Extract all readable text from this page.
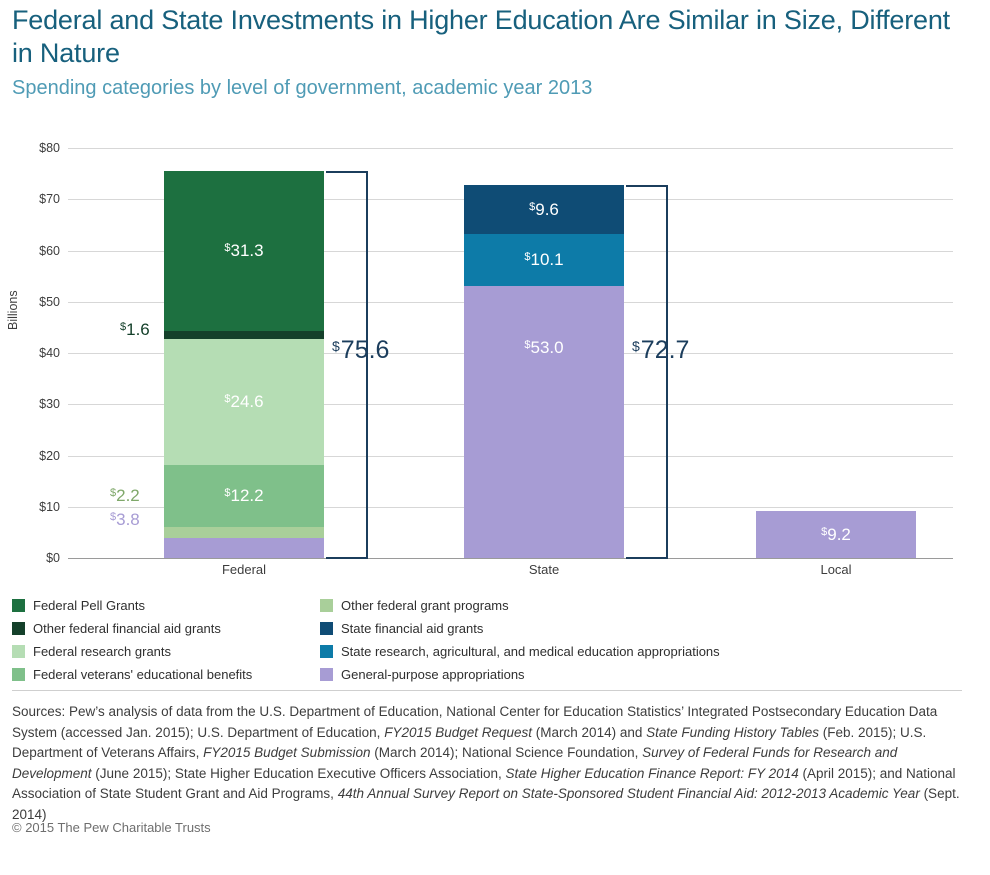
Federal and State Investments in Higher Education Are Similar in Size, Different in Nature
Spending categories by level of government, academic year 2013
Billions
$80
$70
$60
$50
$40
$30
$20
$10
$0
$12.2
$24.6
$31.3
$1.6
$2.2
$3.8
$75.6	$53.0
$10.1
$9.6
$72.7
$9.2
Federal	State	Local
Federal Pell Grants
Other federal financial aid grants
Federal research grants
Federal veterans' educational benefits
Other federal grant programs
State financial aid grants
State research, agricultural, and medical education appropriations
General-purpose appropriations
Sources: Pew’s analysis of data from the U.S. Department of Education, National Center for Education Statistics’ Integrated Postsecondary Education Data System (accessed Jan. 2015); U.S. Department of Education, FY2015 Budget Request (March 2014) and State Funding History Tables (Feb. 2015); U.S. Department of Veterans Affairs, FY2015 Budget Submission (March 2014); National Science Foundation, Survey of Federal Funds for Research and Development (June 2015); State Higher Education Executive Officers Association, State Higher Education Finance Report: FY 2014 (April 2015); and National Association of State Student Grant and Aid Programs, 44th Annual Survey Report on State-Sponsored Student Financial Aid: 2012-2013 Academic Year (Sept. 2014)
© 2015 The Pew Charitable Trusts
